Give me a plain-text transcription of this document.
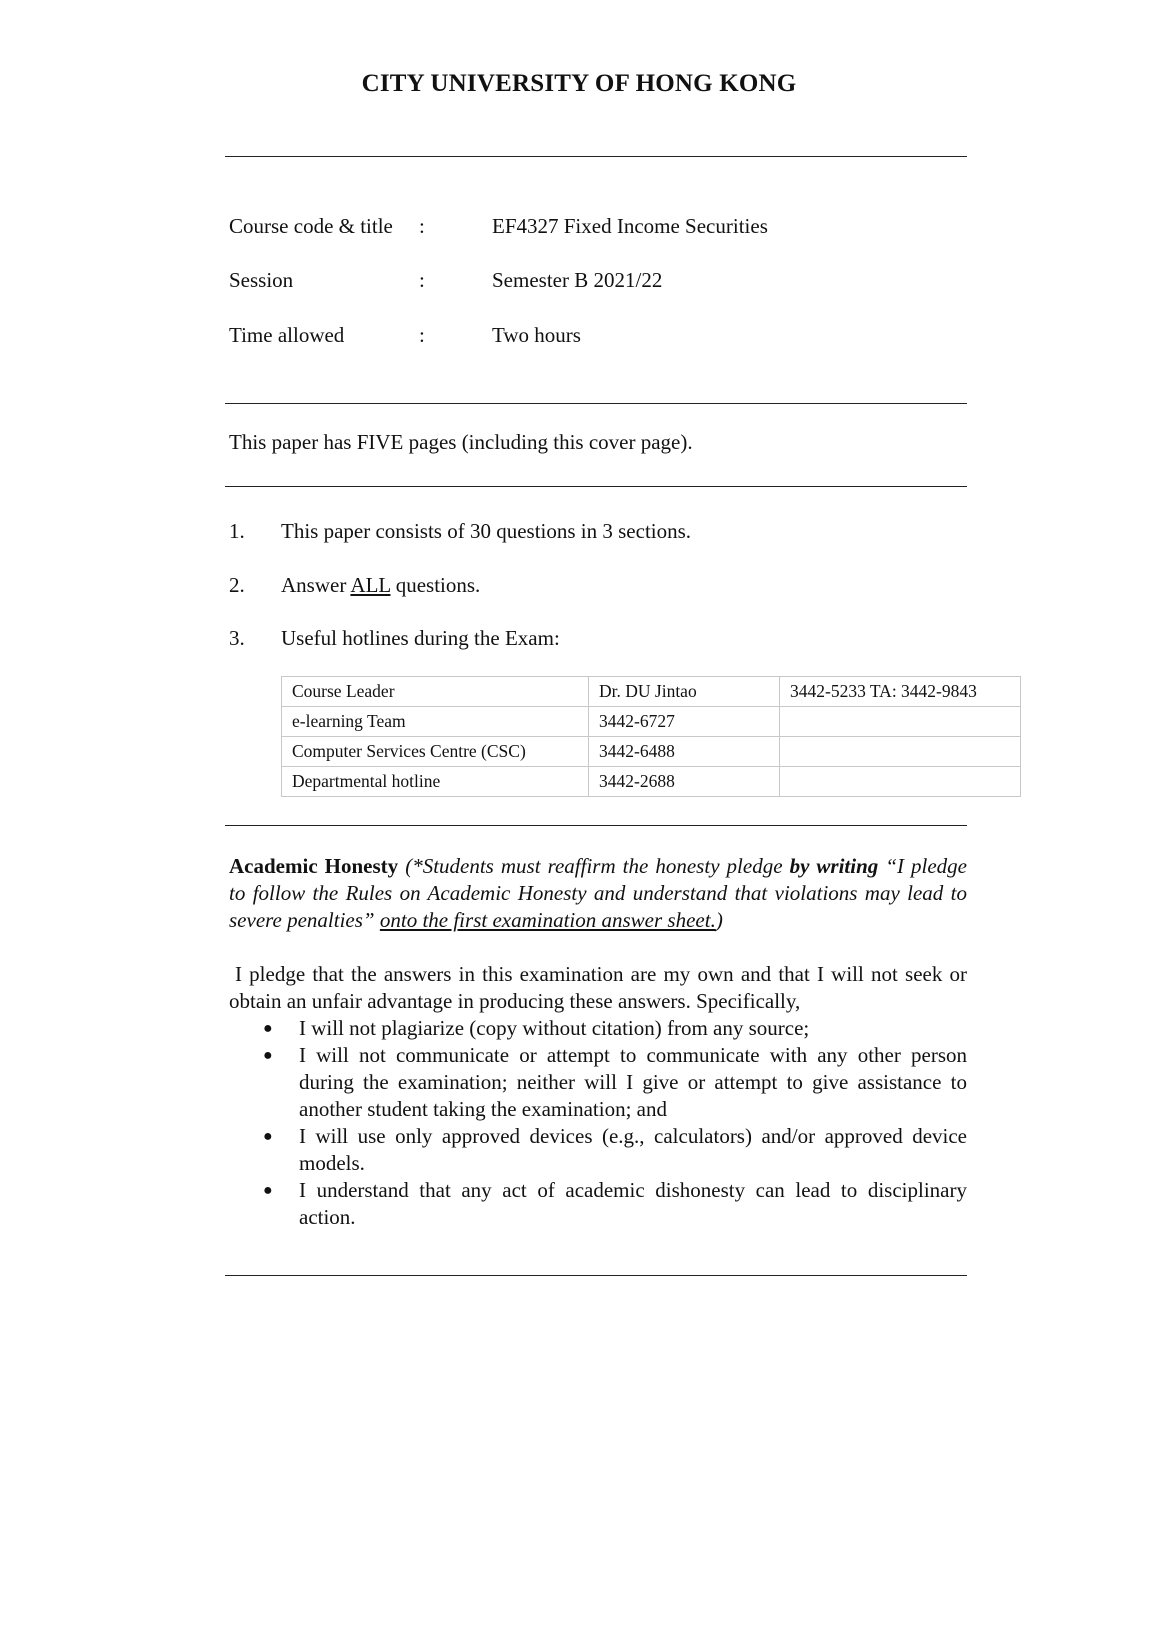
CITY UNIVERSITY OF HONG KONG
Course code & title :	EF4327 Fixed Income Securities
Session	:	Semester B 2021/22
Time allowed	:	Two hours
This paper has FIVE pages (including this cover page).
1. This paper consists of 30 questions in 3 sections.
2. Answer ALL questions.
3. Useful hotlines during the Exam:
Course Leader	Dr. DU Jintao	3442-5233 TA: 3442-9843
e-learning Team	3442-6727	
Computer Services Centre (CSC)	3442-6488	
Departmental hotline	3442-2688	
Academic Honesty (*Students must reaffirm the honesty pledge by writing “I pledge to follow the Rules on Academic Honesty and understand that violations may lead to severe penalties” onto the first examination answer sheet.)
I pledge that the answers in this examination are my own and that I will not seek or obtain an unfair advantage in producing these answers. Specifically,
● I will not plagiarize (copy without citation) from any source;
● I will not communicate or attempt to communicate with any other person during the examination; neither will I give or attempt to give assistance to another student taking the examination; and
● I will use only approved devices (e.g., calculators) and/or approved device models.
● I understand that any act of academic dishonesty can lead to disciplinary action.
